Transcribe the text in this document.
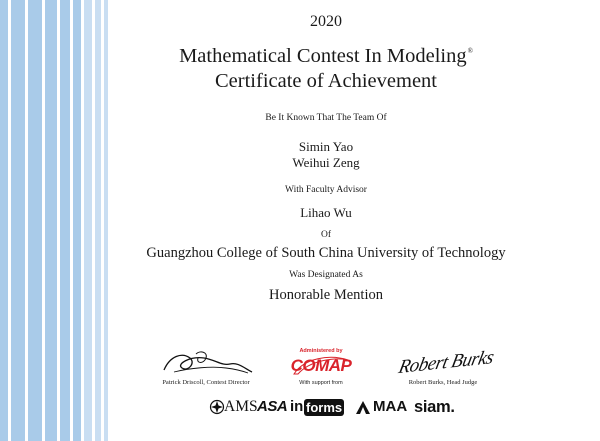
2020
Mathematical Contest In Modeling®
Certificate of Achievement
Be It Known That The Team Of
Simin Yao
Weihui Zeng
With Faculty Advisor
Lihao Wu
Of
Guangzhou College of South China University of Technology
Was Designated As
Honorable Mention
Patrick Driscoll, Contest Director
Administered by
COMAP
With support from
Robert Burks
Robert Burks, Head Judge
AMS ASA in forms MAA siam.
